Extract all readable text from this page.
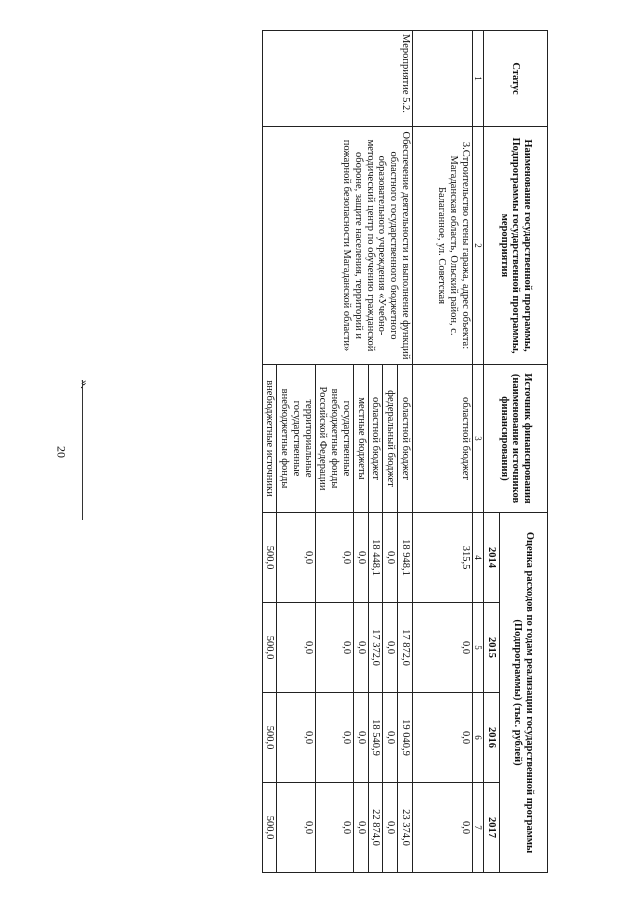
20
Статус	Наименование государственной программы, Подпрограммы государственной программы, мероприятия	Источник финансирования (наименование источников финансирования)	Оценка расходов по годам реализации государственной программы (Подпрограммы) (тыс. рублей)			
			2014	2015	2016	2017
1	2	3	4	5	6	7
	3.Строительство стены гаража, адрес объекта: Магаданская область, Ольский район, с. Балаганное, ул. Советская	областной бюджет	315,5	0,0	0,0	0,0
Мероприятие 5.2.	Обеспечение деятельности и выполнение функций областного государственного бюджетного образовательного учреждения «Учебно-методический центр по обучению гражданской обороне, защите населения, территорий и пожарной безопасности Магаданской области»	областной бюджет	18 948,1	17 872,0	19 040,9	23 374,0
		федеральный бюджет	0,0	0,0	0,0	0,0
		областной бюджет	18 448,1	17 372,0	18 540,9	22 874,0
		местные бюджеты	0,0	0,0	0,0	0,0
		государственные внебюджетные фонды Российской Федерации	0,0	0,0	0,0	0,0
		территориальные государственные внебюджетные фонды	0,0	0,0	0,0	0,0
		внебюджетные источники	500,0	500,0	500,0	500,0
».
